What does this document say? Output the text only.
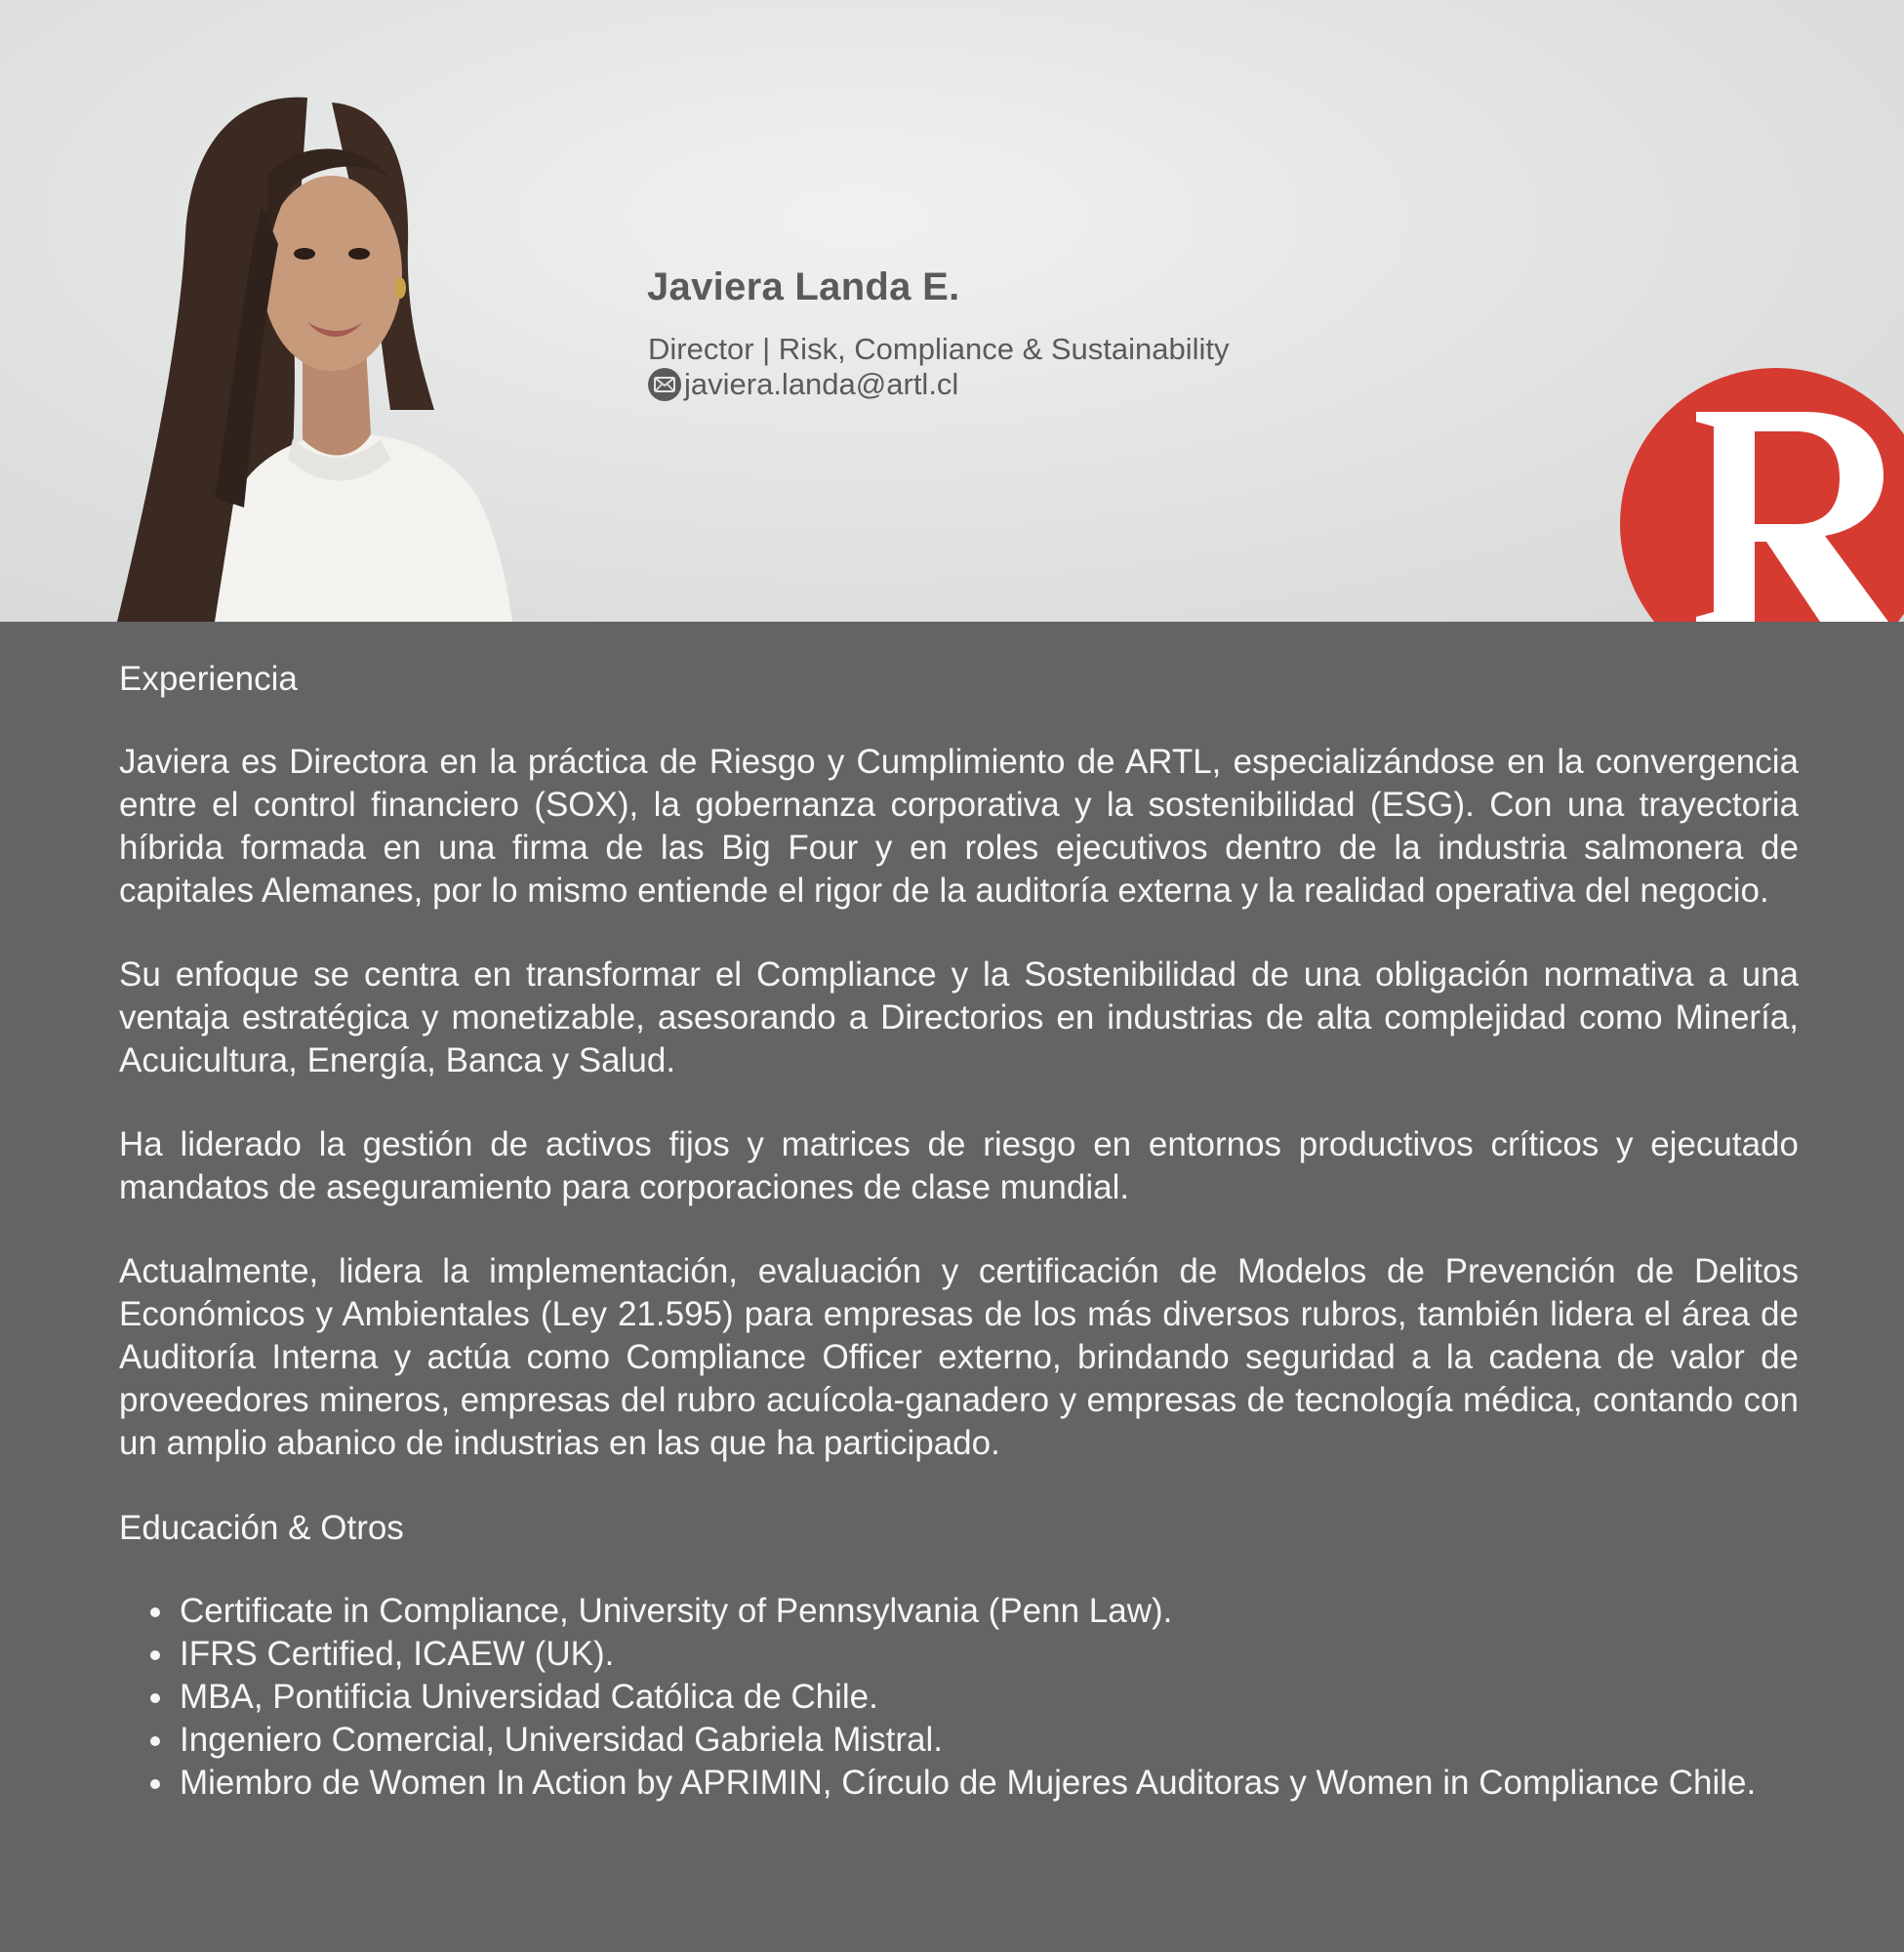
Javiera Landa E.
Director | Risk, Compliance & Sustainability
javiera.landa@artl.cl
Experiencia

Javiera es Directora en la práctica de Riesgo y Cumplimiento de ARTL, especializándose en la convergencia entre el control financiero (SOX), la gobernanza corporativa y la sostenibilidad (ESG). Con una trayectoria híbrida formada en una firma de las Big Four y en roles ejecutivos dentro de la industria salmonera de capitales Alemanes, por lo mismo entiende el rigor de la auditoría externa y la realidad operativa del negocio.

Su enfoque se centra en transformar el Compliance y la Sostenibilidad de una obligación normativa a una ventaja estratégica y monetizable, asesorando a Directorios en industrias de alta complejidad como Minería, Acuicultura, Energía, Banca y Salud.

Ha liderado la gestión de activos fijos y matrices de riesgo en entornos productivos críticos y ejecutado mandatos de aseguramiento para corporaciones de clase mundial.

Actualmente, lidera la implementación, evaluación y certificación de Modelos de Prevención de Delitos Económicos y Ambientales (Ley 21.595) para empresas de los más diversos rubros, también lidera el área de Auditoría Interna y actúa como Compliance Officer externo, brindando seguridad a la cadena de valor de proveedores mineros, empresas del rubro acuícola-ganadero y empresas de tecnología médica, contando con un amplio abanico de industrias en las que ha participado.

Educación & Otros
Certificate in Compliance, University of Pennsylvania (Penn Law).
IFRS Certified, ICAEW (UK).
MBA, Pontificia Universidad Católica de Chile.
Ingeniero Comercial, Universidad Gabriela Mistral.
Miembro de Women In Action by APRIMIN, Círculo de Mujeres Auditoras y Women in Compliance Chile.
